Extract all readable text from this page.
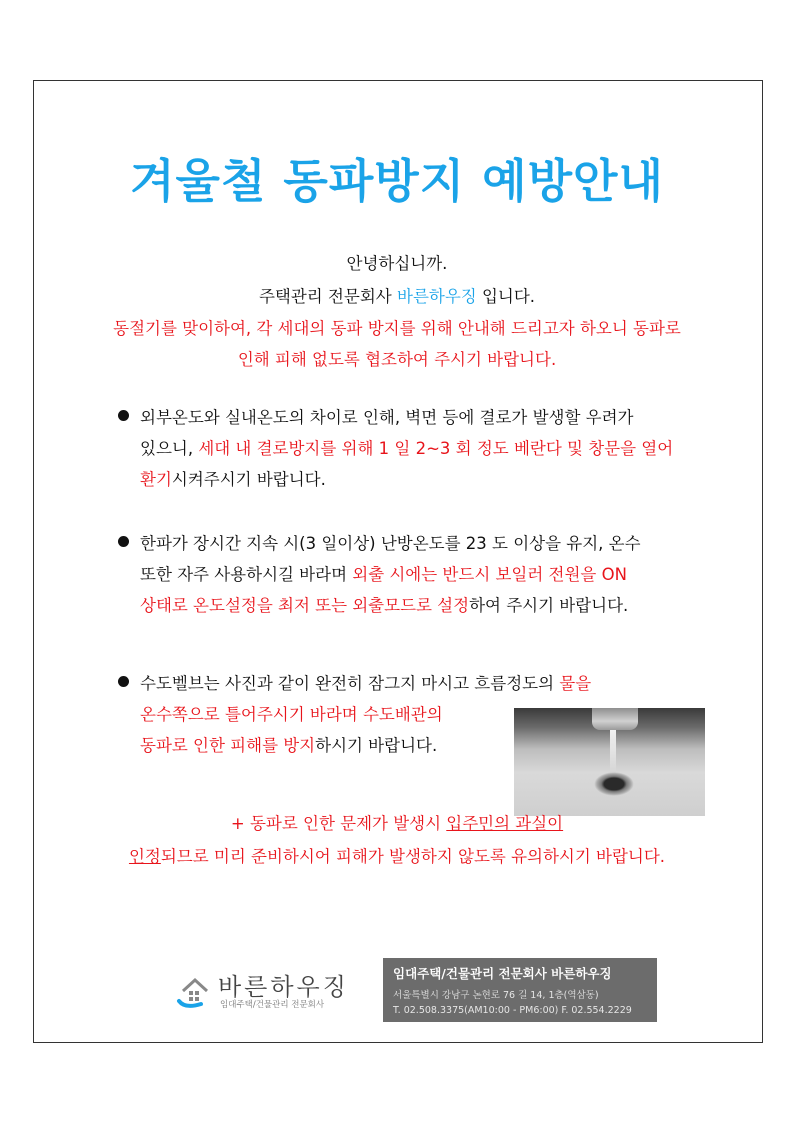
겨울철 동파방지 예방안내
안녕하십니까.
주택관리 전문회사 바른하우징 입니다.
동절기를 맞이하여, 각 세대의 동파 방지를 위해 안내해 드리고자 하오니 동파로
인해 피해 없도록 협조하여 주시기 바랍니다.
외부온도와 실내온도의 차이로 인해, 벽면 등에 결로가 발생할 우려가
있으니, 세대 내 결로방지를 위해 1 일 2~3 회 정도 베란다 및 창문을 열어
환기시켜주시기 바랍니다.
한파가 장시간 지속 시(3 일이상) 난방온도를 23 도 이상을 유지, 온수
또한 자주 사용하시길 바라며 외출 시에는 반드시 보일러 전원을 ON
상태로 온도설정을 최저 또는 외출모드로 설정하여 주시기 바랍니다.
수도벨브는 사진과 같이 완전히 잠그지 마시고 흐름정도의 물을
온수쪽으로 틀어주시기 바라며 수도배관의
동파로 인한 피해를 방지하시기 바랍니다.
+ 동파로 인한 문제가 발생시 입주민의 과실이
인정되므로 미리 준비하시어 피해가 발생하지 않도록 유의하시기 바랍니다.
바른하우징
임대주택/건물관리 전문회사
임대주택/건물관리 전문회사 바른하우징
서울특별시 강남구 논현로 76 길 14, 1층(역삼동)
T. 02.508.3375(AM10:00 - PM6:00) F. 02.554.2229
